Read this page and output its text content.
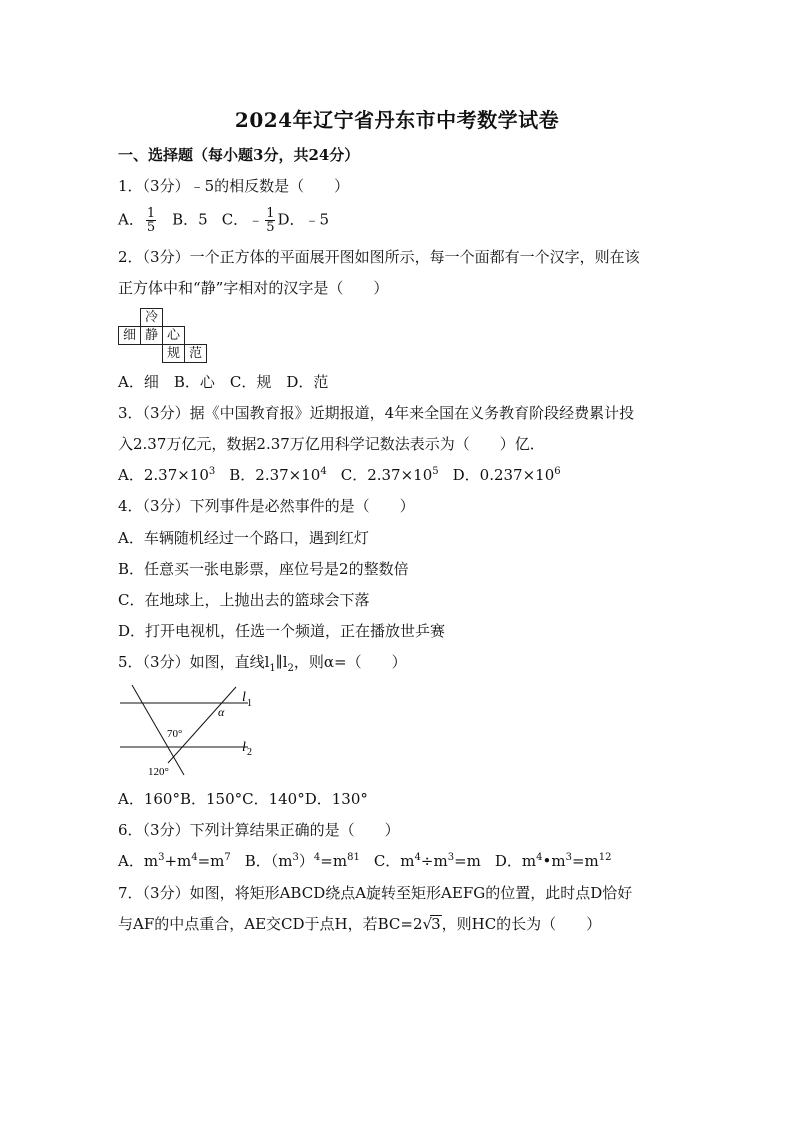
2024年辽宁省丹东市中考数学试卷
一、选择题（每小题3分，共24分）
1．（3分）﹣5的相反数是（　　）
A． $\frac{1}{5}$ B．5 C．﹣ $\frac{1}{5}$ D．﹣5
2．（3分）一个正方体的平面展开图如图所示，每一个面都有一个汉字，则在该
正方体中和“静”字相对的汉字是（　　）
冷
细 静 心
规 范
A．细　B．心　C．规　D．范
3．（3分）据《中国教育报》近期报道，4年来全国在义务教育阶段经费累计投
入2.37万亿元，数据2.37万亿用科学记数法表示为（　　）亿．
A．$2.37\times 10^3$ B．$2.37\times 10^4$ C．$2.37\times 10^5$ D．$0.237\times 10^6$
4．（3分）下列事件是必然事件的是（　　）
A．车辆随机经过一个路口，遇到红灯
B．任意买一张电影票，座位号是2的整数倍
C．在地球上，上抛出去的篮球会下落
D．打开电视机，任选一个频道，正在播放世乒赛
5．（3分）如图，直线$l_1\parallel l_2$，则α=（　　）
l 1
l 2
α
70°
120°
A．160°B．150°C．140°D．130°
6．（3分）下列计算结果正确的是（　　）
A．$m^3+m^4=m^7$ B．$(m^3)^4=m^{81}$ C．$m^4\div m^3=m$ D．$m^4•m^3=m^{12}$
7．（3分）如图，将矩形ABCD绕点A旋转至矩形AEFG的位置，此时点D恰好
与AF的中点重合，AE交CD于点H，若BC=2√3，则HC的长为（　　）
